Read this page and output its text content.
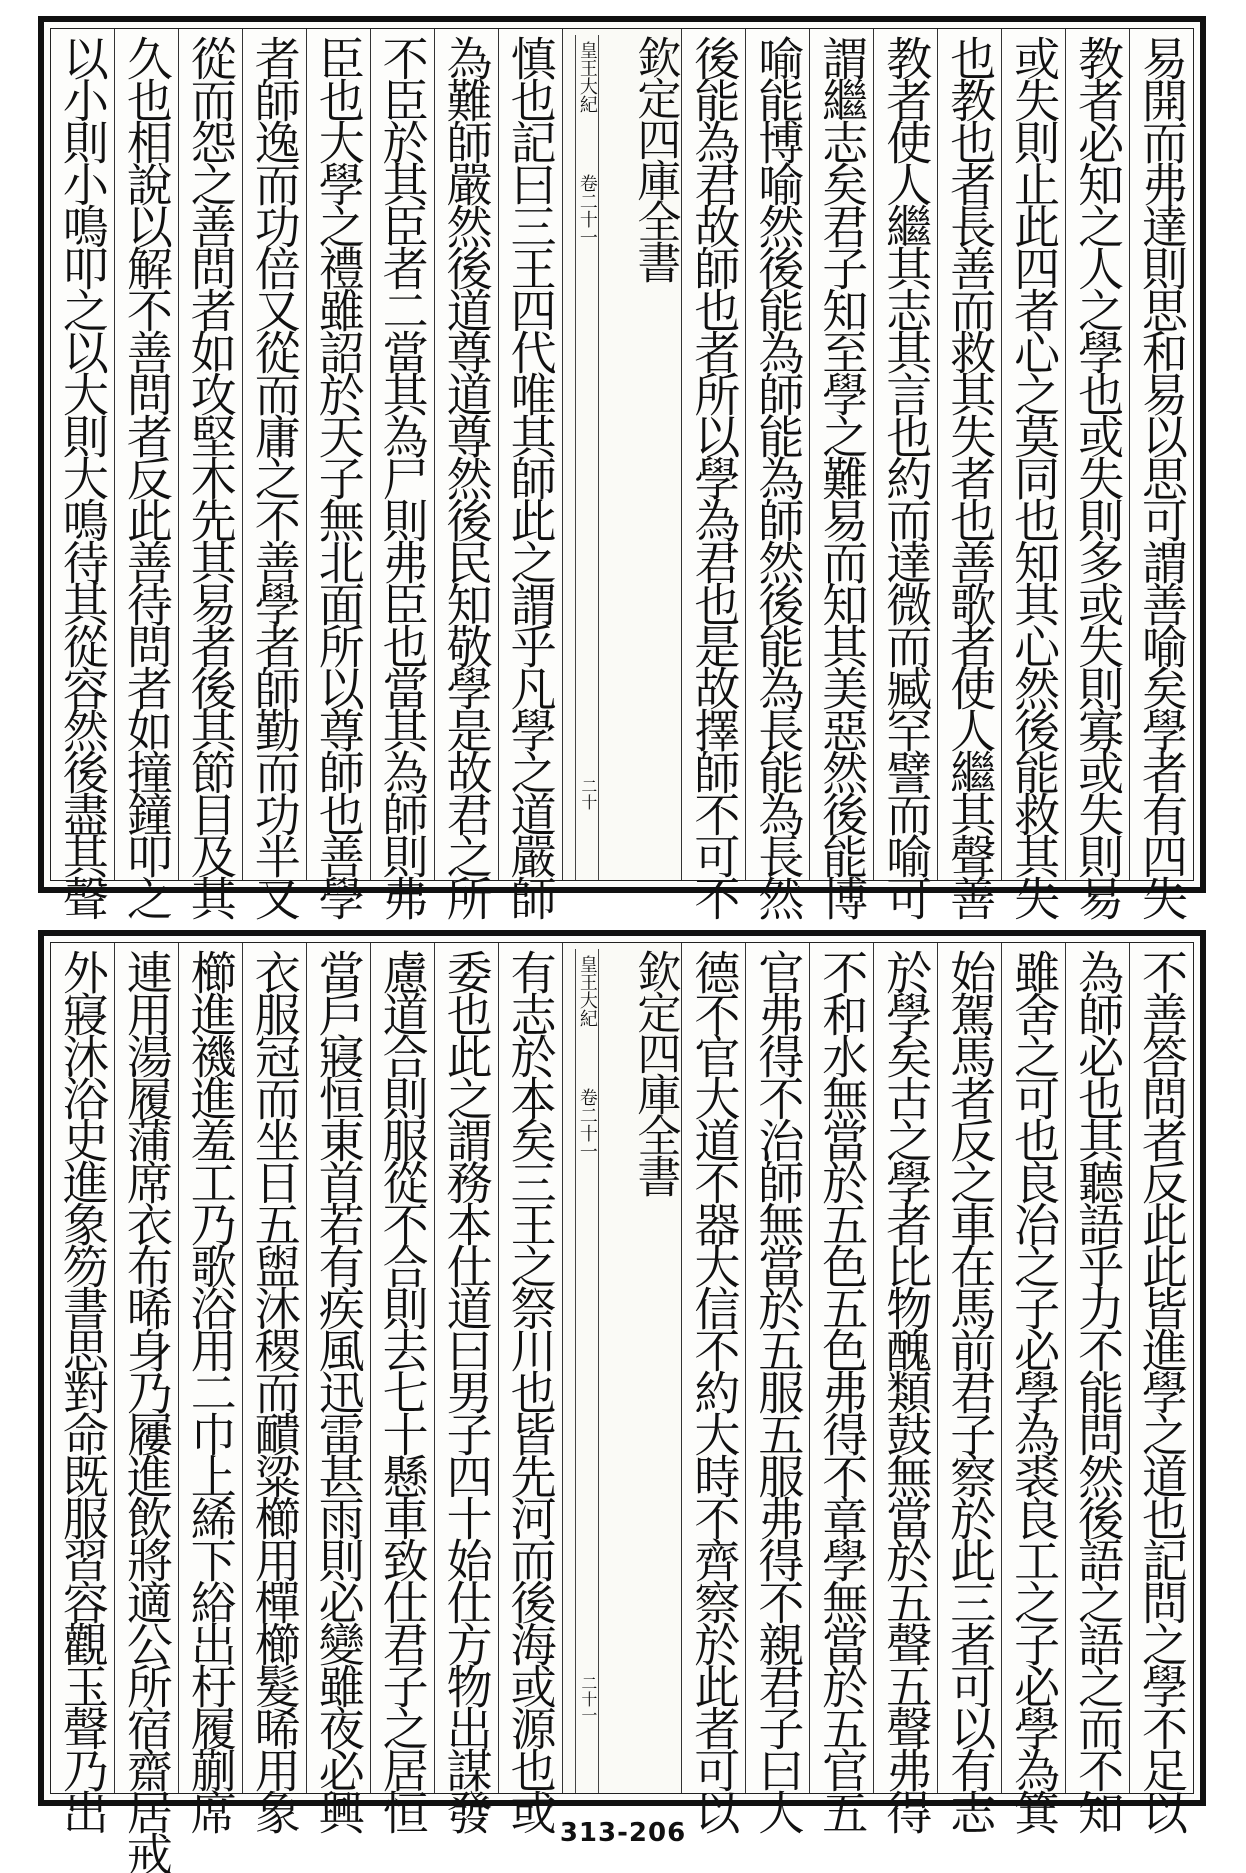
易開而弗達則思和易以思可謂善喻矣學者有四失
教者必知之人之學也或失則多或失則寡或失則易
或失則止此四者心之莫同也知其心然後能救其失
也教也者長善而救其失者也善歌者使人繼其聲善
教者使人繼其志其言也約而達微而臧罕譬而喻可
謂繼志矣君子知至學之難易而知其美惡然後能博
喻能博喻然後能為師能為師然後能為長能為長然
後能為君故師也者所以學為君也是故擇師不可不
欽定四庫全書
皇王大紀 卷二十一
二十
慎也記曰三王四代唯其師此之謂乎凡學之道嚴師
為難師嚴然後道尊道尊然後民知敬學是故君之所
不臣於其臣者二當其為尸則弗臣也當其為師則弗
臣也大學之禮雖詔於天子無北面所以尊師也善學
者師逸而功倍又從而庸之不善學者師勤而功半又
從而怨之善問者如攻堅木先其易者後其節目及其
久也相說以解不善問者反此善待問者如撞鐘叩之
以小則小鳴叩之以大則大鳴待其從容然後盡其聲
不善答問者反此此皆進學之道也記問之學不足以
為師必也其聽語乎力不能問然後語之語之而不知
雖舍之可也良冶之子必學為裘良工之子必學為箕
始駕馬者反之車在馬前君子察於此三者可以有志
於學矣古之學者比物醜類鼓無當於五聲五聲弗得
不和水無當於五色五色弗得不章學無當於五官五
官弗得不治師無當於五服五服弗得不親君子曰大
德不官大道不器大信不約大時不齊察於此者可以
欽定四庫全書
皇王大紀 卷二十一
二十一
有志於本矣三王之祭川也皆先河而後海或源也或
委也此之謂務本仕道曰男子四十始仕方物出謀發
慮道合則服從不合則去七十懸車致仕君子之居恒
當戶寢恒東首若有疾風迅雷甚雨則必變雖夜必興
衣服冠而坐日五盥沐稷而靧粱櫛用樿櫛髮晞用象
櫛進禨進羞工乃歌浴用二巾上絺下綌出杅履蒯席
連用湯履蒲席衣布晞身乃屨進飲將適公所宿齋居戒
外寢沐浴史進象笏書思對命既服習容觀玉聲乃出
313-206
